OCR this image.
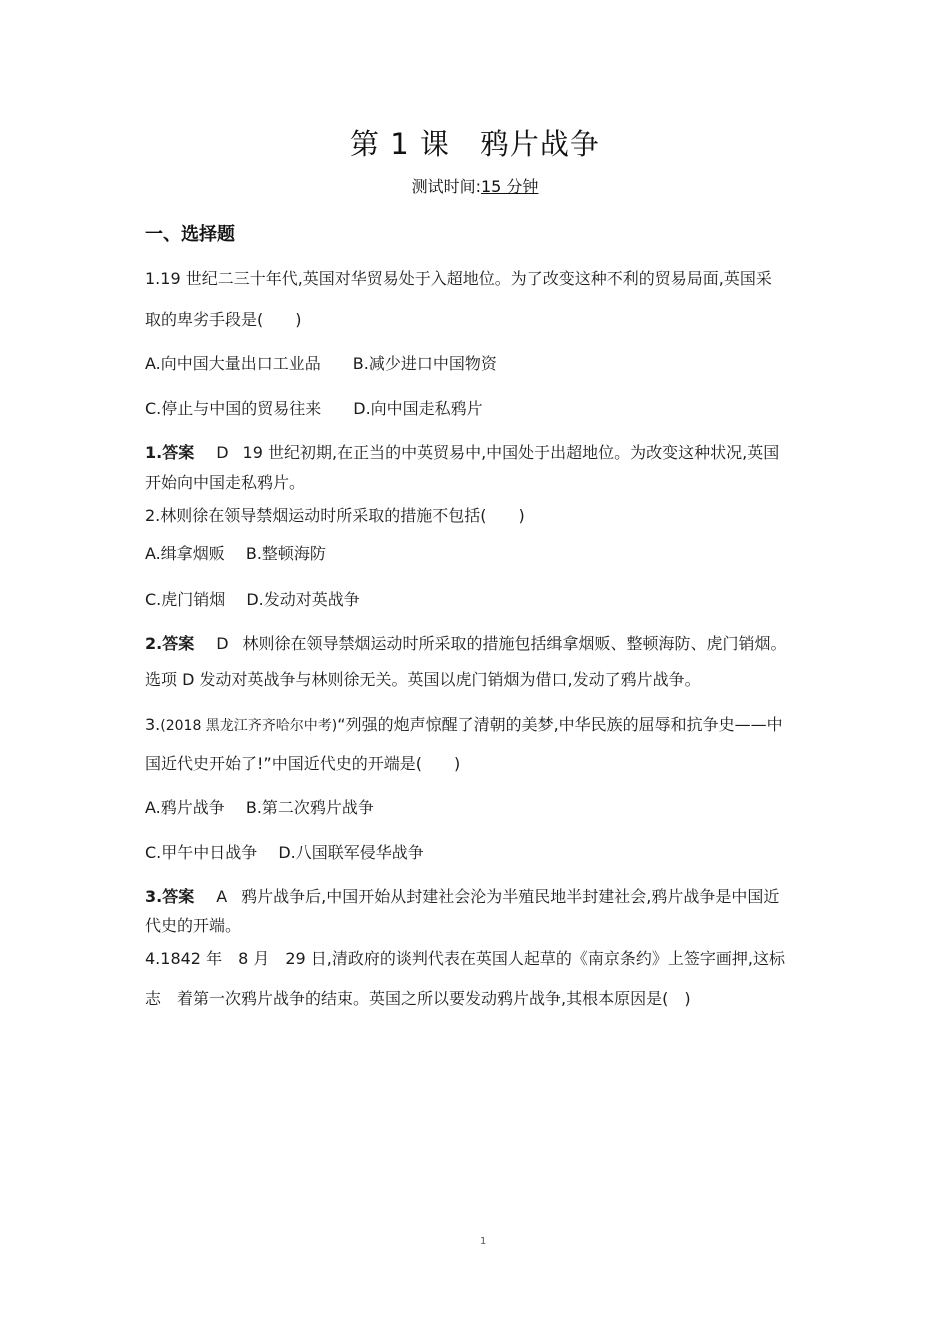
第 1 课　鸦片战争
测试时间:15 分钟
一、选择题
1.19 世纪二三十年代,英国对华贸易处于入超地位。为了改变这种不利的贸易局面,英国采
取的卑劣手段是(　　)
A.向中国大量出口工业品　　B.减少进口中国物资
C.停止与中国的贸易往来　　D.向中国走私鸦片
1.答案 D 19 世纪初期,在正当的中英贸易中,中国处于出超地位。为改变这种状况,英国
开始向中国走私鸦片。
2.林则徐在领导禁烟运动时所采取的措施不包括(　　)
A.缉拿烟贩　 B.整顿海防
C.虎门销烟　 D.发动对英战争
2.答案 D 林则徐在领导禁烟运动时所采取的措施包括缉拿烟贩、整顿海防、虎门销烟。
选项 D 发动对英战争与林则徐无关。英国以虎门销烟为借口,发动了鸦片战争。
3.(2018 黑龙江齐齐哈尔中考)“列强的炮声惊醒了清朝的美梦,中华民族的屈辱和抗争史——中
国近代史开始了!”中国近代史的开端是(　　)
A.鸦片战争　 B.第二次鸦片战争
C.甲午中日战争　 D.八国联军侵华战争
3.答案 A 鸦片战争后,中国开始从封建社会沦为半殖民地半封建社会,鸦片战争是中国近
代史的开端。
4.1842 年　8 月　29 日,清政府的谈判代表在英国人起草的《南京条约》上签字画押,这标
志　着第一次鸦片战争的结束。英国之所以要发动鸦片战争,其根本原因是(　)
1
